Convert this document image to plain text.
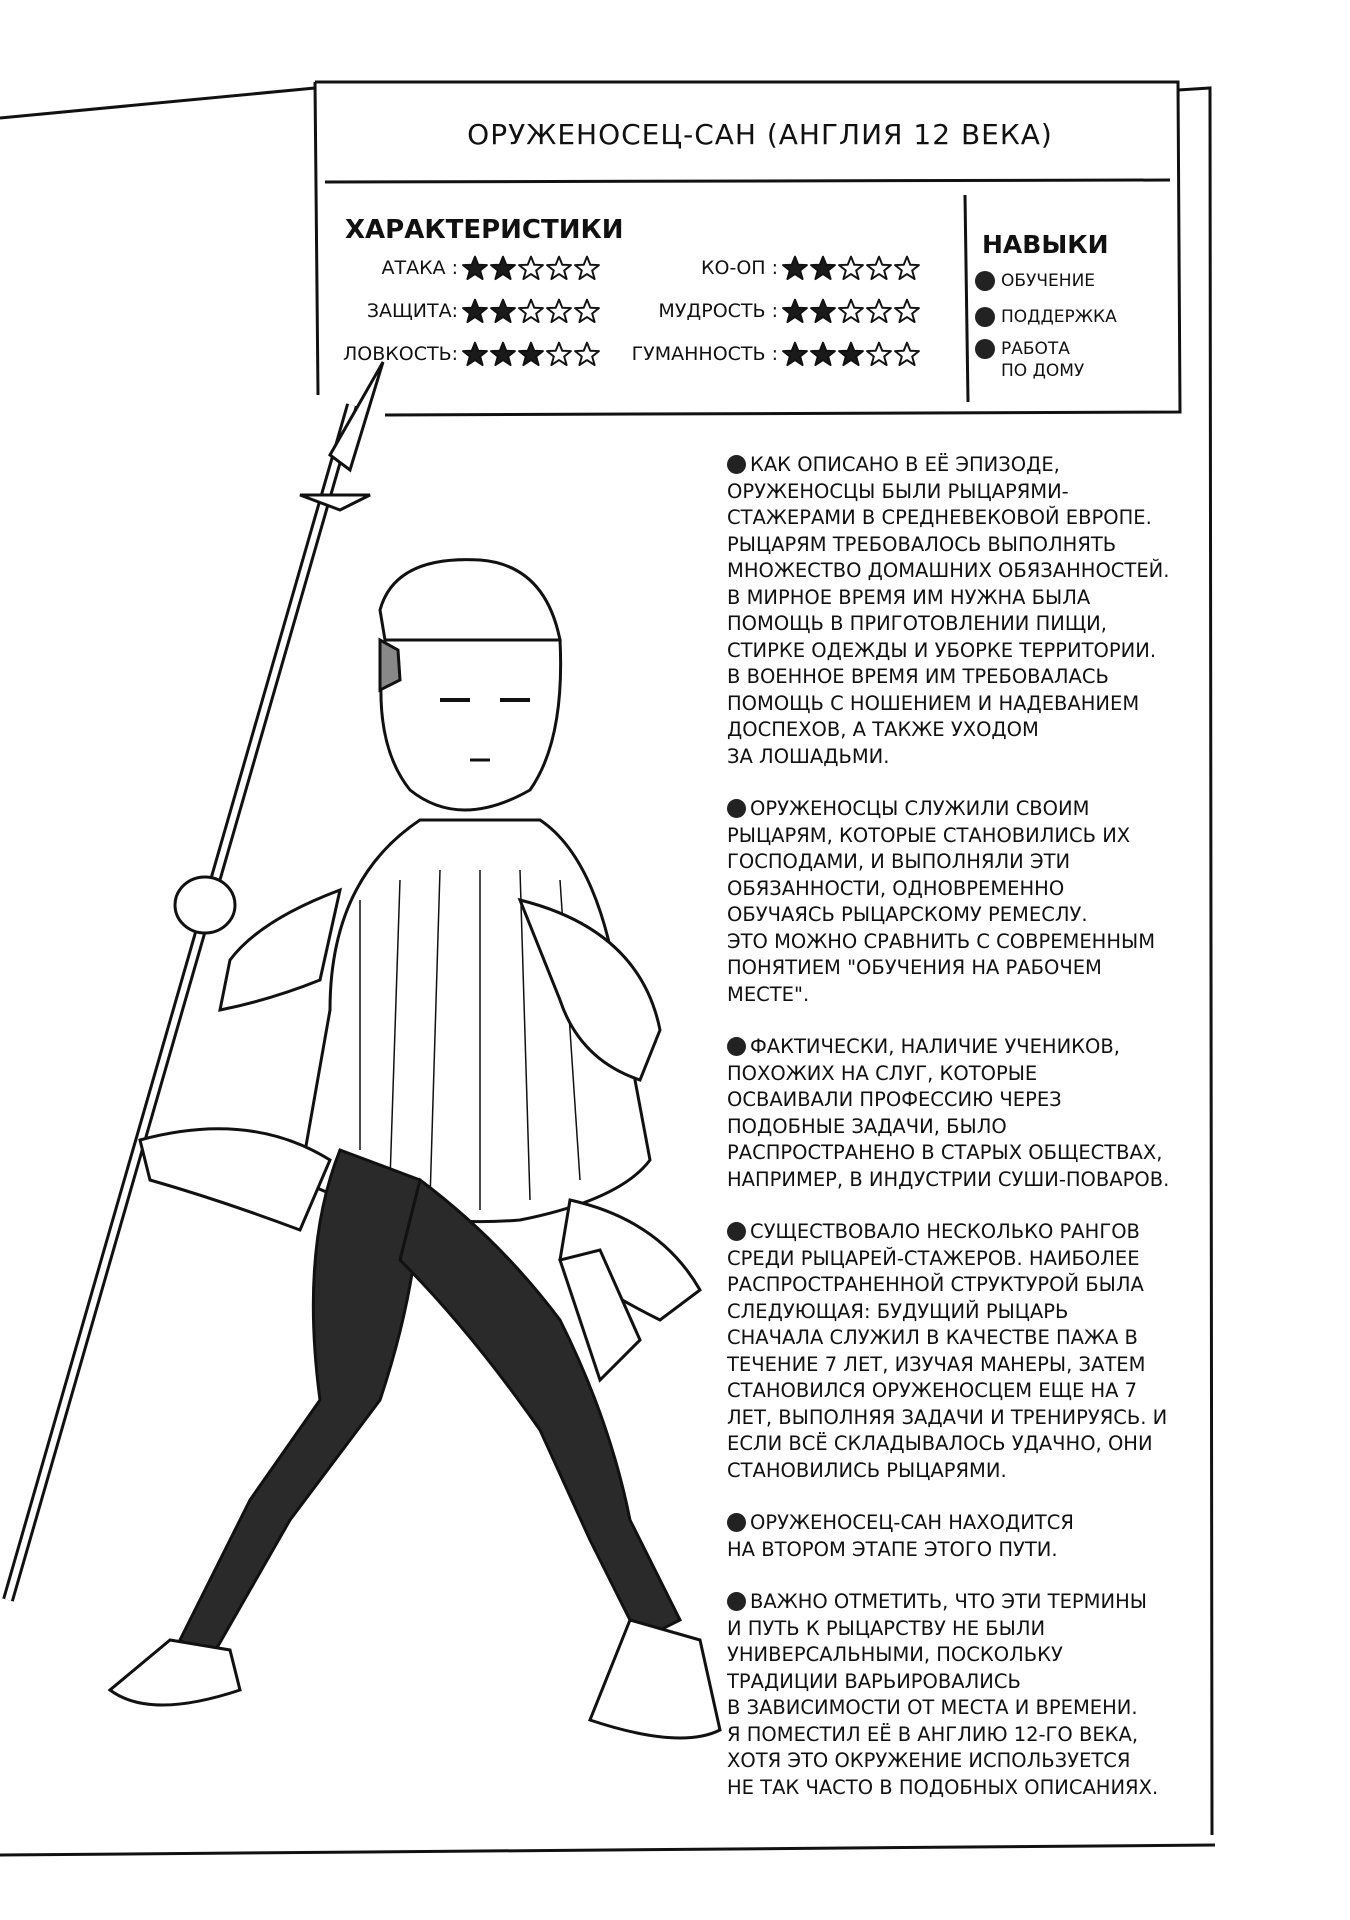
ОРУЖЕНОСЕЦ-САН (АНГЛИЯ 12 ВЕКА)
ХАРАКТЕРИСТИКИ
АТАКА :
ЗАЩИТА:
ЛОВКОСТЬ:
КО-ОП :
МУДРОСТЬ :
ГУМАННОСТЬ :
НАВЫКИ
ОБУЧЕНИЕ
ПОДДЕРЖКА
РАБОТА
ПО ДОМУ

КАК ОПИСАНО В ЕЁ ЭПИЗОДЕ,
ОРУЖЕНОСЦЫ БЫЛИ РЫЦАРЯМИ-
СТАЖЕРАМИ В СРЕДНЕВЕКОВОЙ ЕВРОПЕ.
РЫЦАРЯМ ТРЕБОВАЛОСЬ ВЫПОЛНЯТЬ
МНОЖЕСТВО ДОМАШНИХ ОБЯЗАННОСТЕЙ.
В МИРНОЕ ВРЕМЯ ИМ НУЖНА БЫЛА
ПОМОЩЬ В ПРИГОТОВЛЕНИИ ПИЩИ,
СТИРКЕ ОДЕЖДЫ И УБОРКЕ ТЕРРИТОРИИ.
В ВОЕННОЕ ВРЕМЯ ИМ ТРЕБОВАЛАСЬ
ПОМОЩЬ С НОШЕНИЕМ И НАДЕВАНИЕМ
ДОСПЕХОВ, А ТАКЖЕ УХОДОМ
ЗА ЛОШАДЬМИ.

ОРУЖЕНОСЦЫ СЛУЖИЛИ СВОИМ
РЫЦАРЯМ, КОТОРЫЕ СТАНОВИЛИСЬ ИХ
ГОСПОДАМИ, И ВЫПОЛНЯЛИ ЭТИ
ОБЯЗАННОСТИ, ОДНОВРЕМЕННО
ОБУЧАЯСЬ РЫЦАРСКОМУ РЕМЕСЛУ.
ЭТО МОЖНО СРАВНИТЬ С СОВРЕМЕННЫМ
ПОНЯТИЕМ "ОБУЧЕНИЯ НА РАБОЧЕМ
МЕСТЕ".

ФАКТИЧЕСКИ, НАЛИЧИЕ УЧЕНИКОВ,
ПОХОЖИХ НА СЛУГ, КОТОРЫЕ
ОСВАИВАЛИ ПРОФЕССИЮ ЧЕРЕЗ
ПОДОБНЫЕ ЗАДАЧИ, БЫЛО
РАСПРОСТРАНЕНО В СТАРЫХ ОБЩЕСТВАХ,
НАПРИМЕР, В ИНДУСТРИИ СУШИ-ПОВАРОВ.

СУЩЕСТВОВАЛО НЕСКОЛЬКО РАНГОВ
СРЕДИ РЫЦАРЕЙ-СТАЖЕРОВ. НАИБОЛЕЕ
РАСПРОСТРАНЕННОЙ СТРУКТУРОЙ БЫЛА
СЛЕДУЮЩАЯ: БУДУЩИЙ РЫЦАРЬ
СНАЧАЛА СЛУЖИЛ В КАЧЕСТВЕ ПАЖА В
ТЕЧЕНИЕ 7 ЛЕТ, ИЗУЧАЯ МАНЕРЫ, ЗАТЕМ
СТАНОВИЛСЯ ОРУЖЕНОСЦЕМ ЕЩЕ НА 7
ЛЕТ, ВЫПОЛНЯЯ ЗАДАЧИ И ТРЕНИРУЯСЬ. И
ЕСЛИ ВСЁ СКЛАДЫВАЛОСЬ УДАЧНО, ОНИ
СТАНОВИЛИСЬ РЫЦАРЯМИ.

ОРУЖЕНОСЕЦ-САН НАХОДИТСЯ
НА ВТОРОМ ЭТАПЕ ЭТОГО ПУТИ.

ВАЖНО ОТМЕТИТЬ, ЧТО ЭТИ ТЕРМИНЫ
И ПУТЬ К РЫЦАРСТВУ НЕ БЫЛИ
УНИВЕРСАЛЬНЫМИ, ПОСКОЛЬКУ
ТРАДИЦИИ ВАРЬИРОВАЛИСЬ
В ЗАВИСИМОСТИ ОТ МЕСТА И ВРЕМЕНИ.
Я ПОМЕСТИЛ ЕЁ В АНГЛИЮ 12-ГО ВЕКА,
ХОТЯ ЭТО ОКРУЖЕНИЕ ИСПОЛЬЗУЕТСЯ
НЕ ТАК ЧАСТО В ПОДОБНЫХ ОПИСАНИЯХ.
